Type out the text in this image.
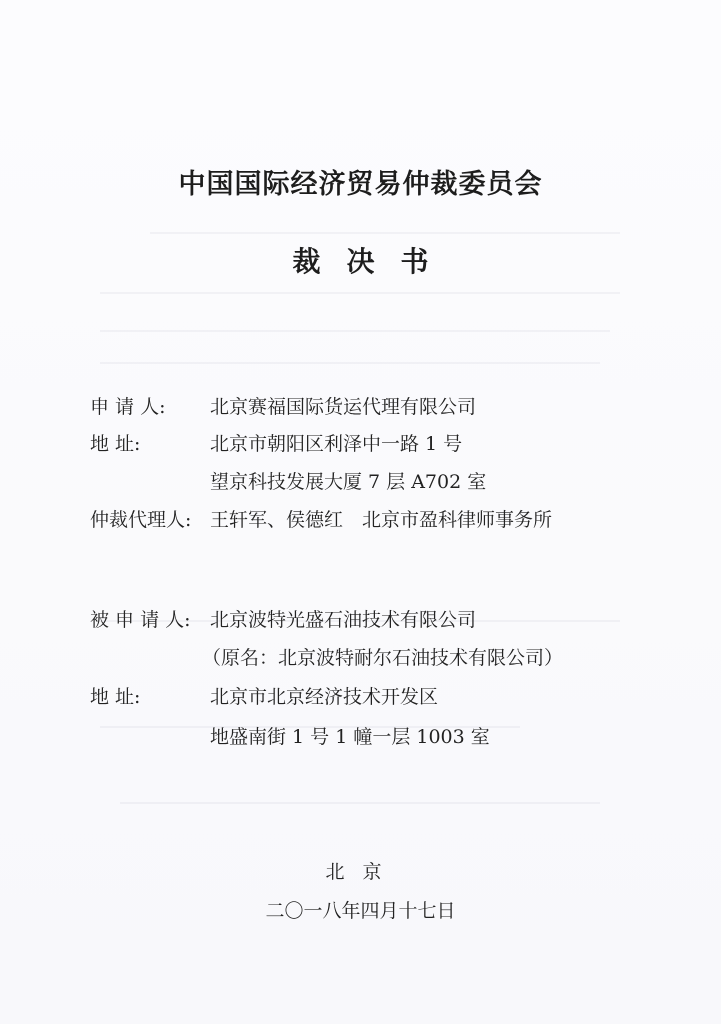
中国国际经济贸易仲裁委员会
裁决书
申 请 人:	北京赛福国际货运代理有限公司
地 址:	北京市朝阳区利泽中一路 1 号
望京科技发展大厦 7 层 A702 室
仲裁代理人: 王轩军、侯德红　北京市盈科律师事务所
被 申 请 人:	北京波特光盛石油技术有限公司
（原名：北京波特耐尔石油技术有限公司）
地 址:	北京市北京经济技术开发区
地盛南街 1 号 1 幢一层 1003 室
北京
二〇一八年四月十七日
